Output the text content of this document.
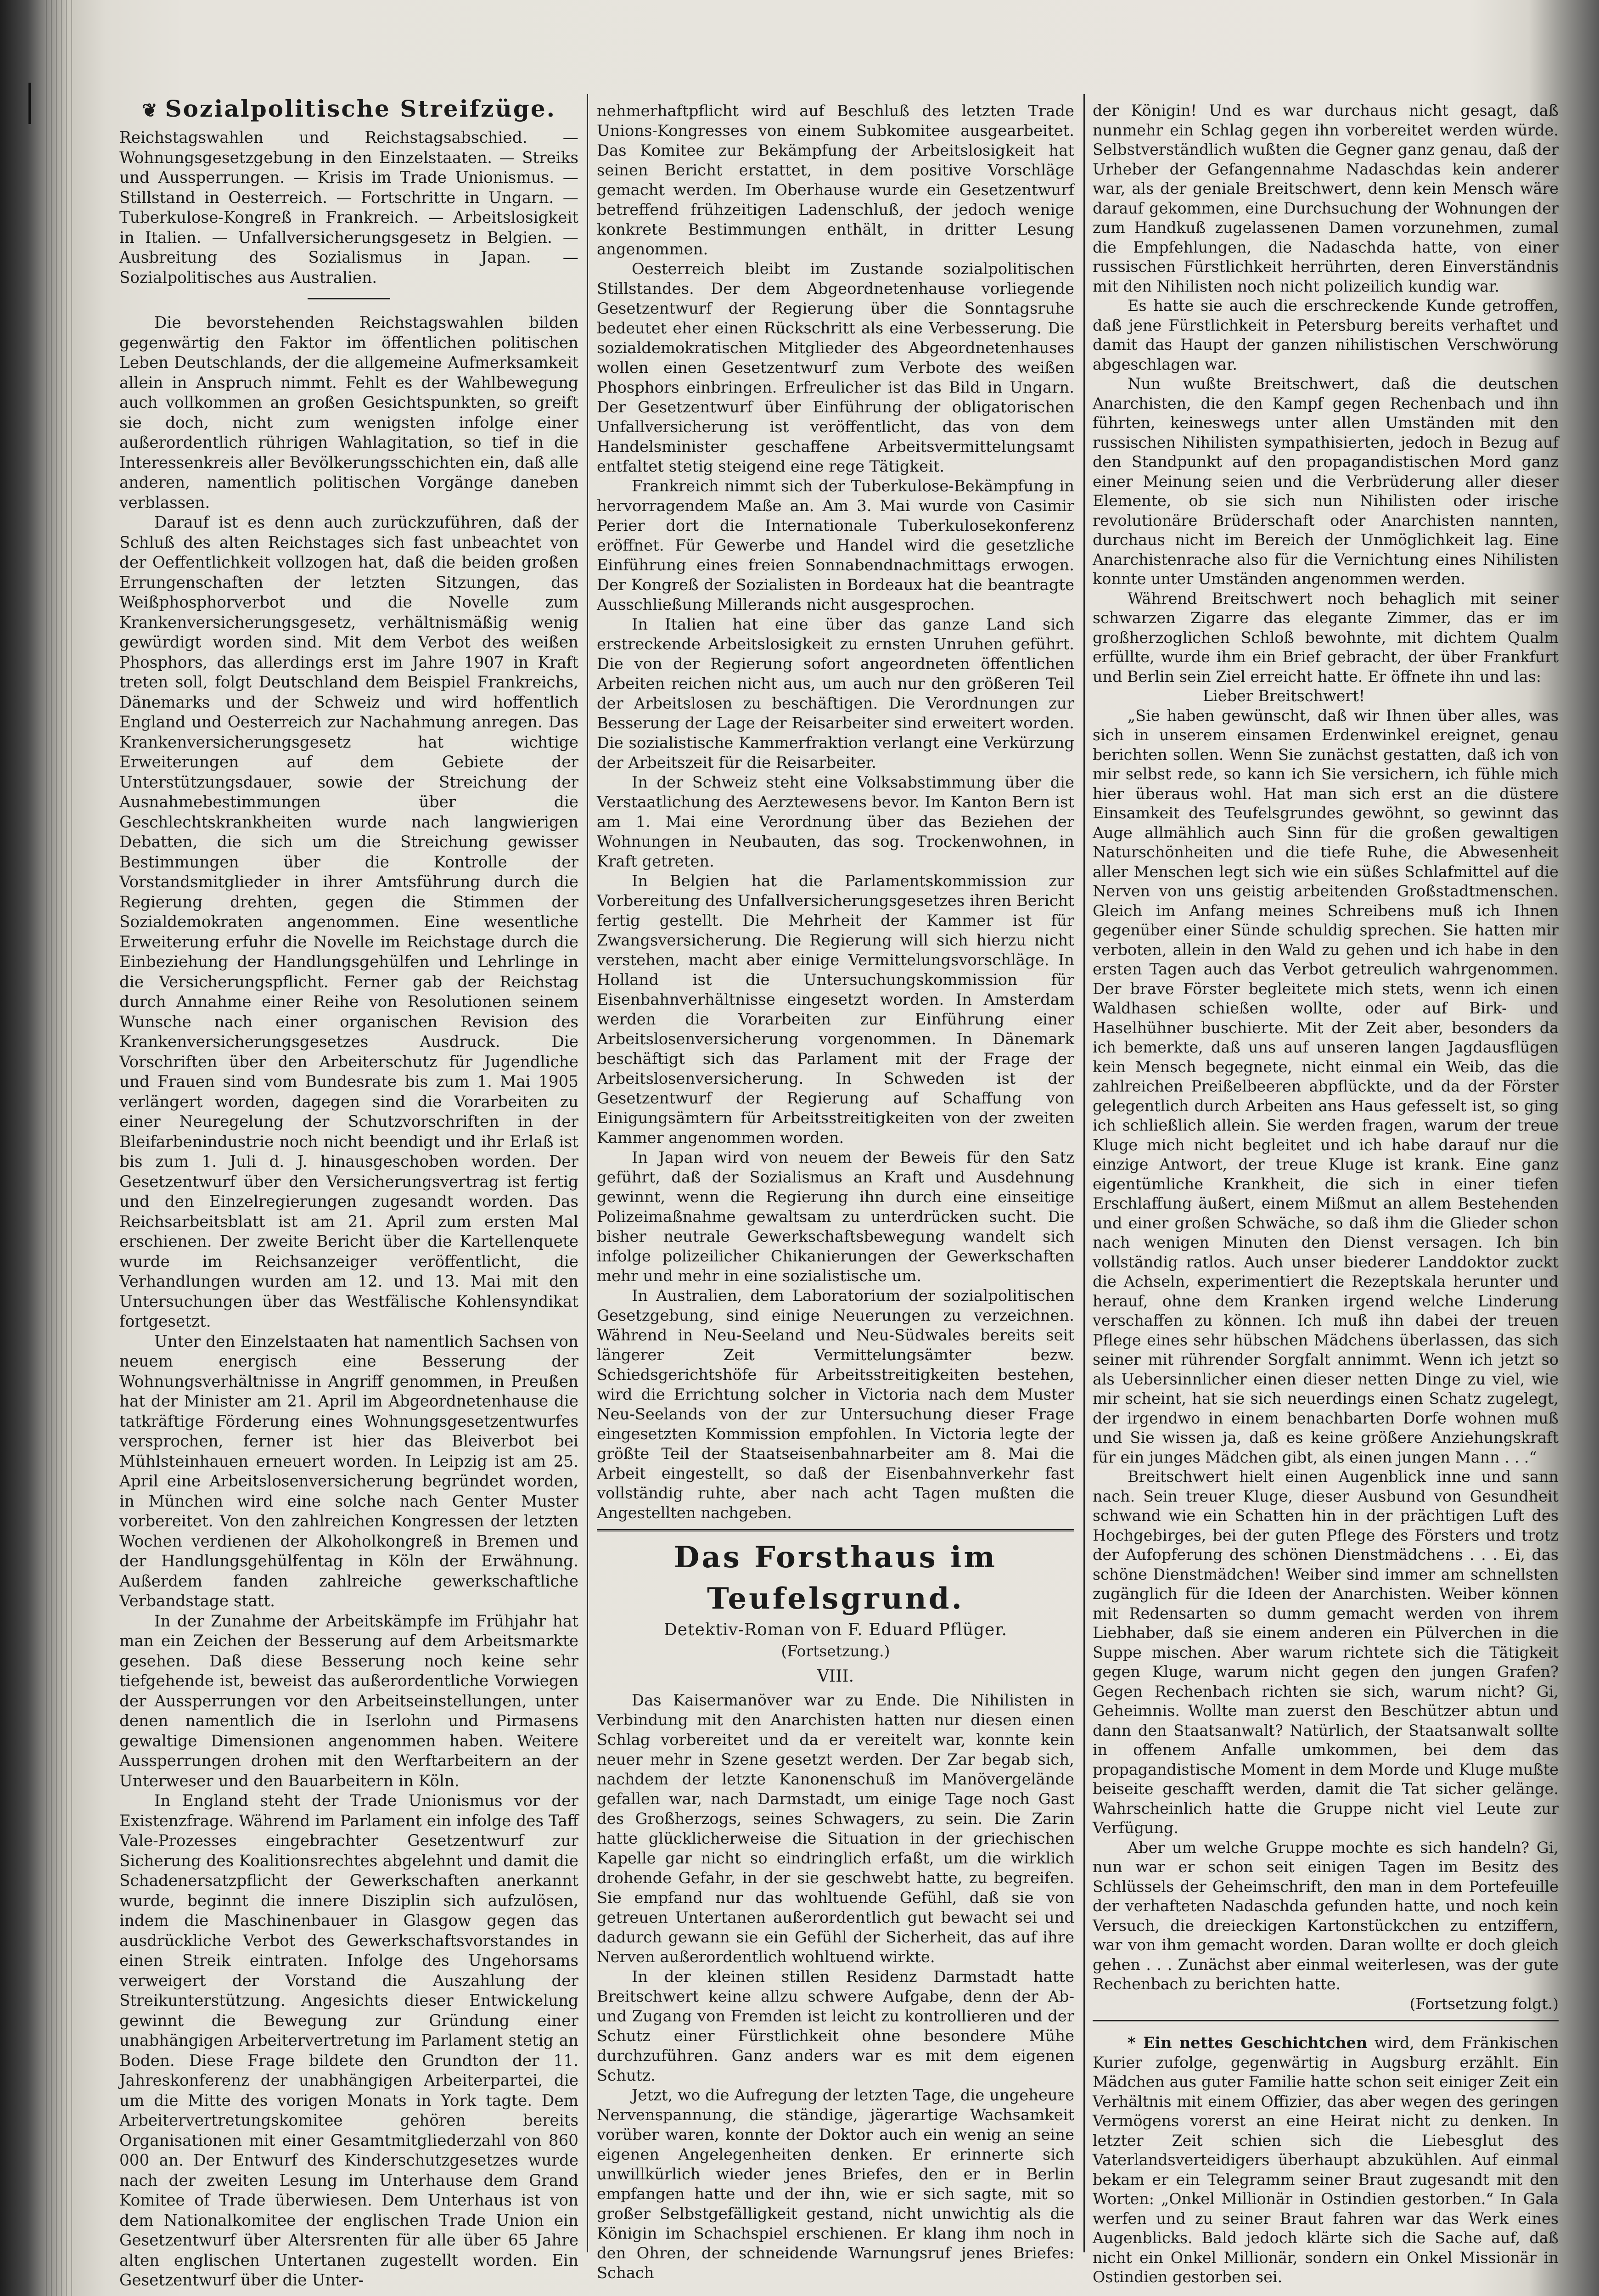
❦ Sozialpolitische Streifzüge.

Reichstagswahlen und Reichstagsabschied. — Wohnungsgesetzgebung in den Einzelstaaten. — Streiks und Aussperrungen. — Krisis im Trade Unionismus. — Stillstand in Oesterreich. — Fortschritte in Ungarn. — Tuberkulose-Kongreß in Frankreich. — Arbeitslosigkeit in Italien. — Unfallversicherungsgesetz in Belgien. — Ausbreitung des Sozialismus in Japan. — Sozialpolitisches aus Australien.

Die bevorstehenden Reichstagswahlen bilden gegenwärtig den Faktor im öffentlichen politischen Leben Deutschlands, der die allgemeine Aufmerksamkeit allein in Anspruch nimmt. Fehlt es der Wahlbewegung auch vollkommen an großen Gesichtspunkten, so greift sie doch, nicht zum wenigsten infolge einer außerordentlich rührigen Wahlagitation, so tief in die Interessenkreis aller Bevölkerungsschichten ein, daß alle anderen, namentlich politischen Vorgänge daneben verblassen.

Darauf ist es denn auch zurückzuführen, daß der Schluß des alten Reichstages sich fast unbeachtet von der Oeffentlichkeit vollzogen hat, daß die beiden großen Errungenschaften der letzten Sitzungen, das Weißphosphorverbot und die Novelle zum Krankenversicherungsgesetz, verhältnismäßig wenig gewürdigt worden sind. Mit dem Verbot des weißen Phosphors, das allerdings erst im Jahre 1907 in Kraft treten soll, folgt Deutschland dem Beispiel Frankreichs, Dänemarks und der Schweiz und wird hoffentlich England und Oesterreich zur Nachahmung anregen. Das Krankenversicherungsgesetz hat wichtige Erweiterungen auf dem Gebiete der Unterstützungsdauer, sowie der Streichung der Ausnahmebestimmungen über die Geschlechtskrankheiten wurde nach langwierigen Debatten, die sich um die Streichung gewisser Bestimmungen über die Kontrolle der Vorstandsmitglieder in ihrer Amtsführung durch die Regierung drehten, gegen die Stimmen der Sozialdemokraten angenommen. Eine wesentliche Erweiterung erfuhr die Novelle im Reichstage durch die Einbeziehung der Handlungsgehülfen und Lehrlinge in die Versicherungspflicht. Ferner gab der Reichstag durch Annahme einer Reihe von Resolutionen seinem Wunsche nach einer organischen Revision des Krankenversicherungsgesetzes Ausdruck. Die Vorschriften über den Arbeiterschutz für Jugendliche und Frauen sind vom Bundesrate bis zum 1. Mai 1905 verlängert worden, dagegen sind die Vorarbeiten zu einer Neuregelung der Schutzvorschriften in der Bleifarbenindustrie noch nicht beendigt und ihr Erlaß ist bis zum 1. Juli d. J. hinausgeschoben worden. Der Gesetzentwurf über den Versicherungsvertrag ist fertig und den Einzelregierungen zugesandt worden. Das Reichsarbeitsblatt ist am 21. April zum ersten Mal erschienen. Der zweite Bericht über die Kartellenquete wurde im Reichsanzeiger veröffentlicht, die Verhandlungen wurden am 12. und 13. Mai mit den Untersuchungen über das Westfälische Kohlensyndikat fortgesetzt.

Unter den Einzelstaaten hat namentlich Sachsen von neuem energisch eine Besserung der Wohnungsverhältnisse in Angriff genommen, in Preußen hat der Minister am 21. April im Abgeordnetenhause die tatkräftige Förderung eines Wohnungsgesetzentwurfes versprochen, ferner ist hier das Bleiverbot bei Mühlsteinhauen erneuert worden. In Leipzig ist am 25. April eine Arbeitslosenversicherung begründet worden, in München wird eine solche nach Genter Muster vorbereitet. Von den zahlreichen Kongressen der letzten Wochen verdienen der Alkoholkongreß in Bremen und der Handlungsgehülfentag in Köln der Erwähnung. Außerdem fanden zahlreiche gewerkschaftliche Verbandstage statt.

In der Zunahme der Arbeitskämpfe im Frühjahr hat man ein Zeichen der Besserung auf dem Arbeitsmarkte gesehen. Daß diese Besserung noch keine sehr tiefgehende ist, beweist das außerordentliche Vorwiegen der Aussperrungen vor den Arbeitseinstellungen, unter denen namentlich die in Iserlohn und Pirmasens gewaltige Dimensionen angenommen haben. Weitere Aussperrungen drohen mit den Werftarbeitern an der Unterweser und den Bauarbeitern in Köln.

In England steht der Trade Unionismus vor der Existenzfrage. Während im Parlament ein infolge des Taff Vale-Prozesses eingebrachter Gesetzentwurf zur Sicherung des Koalitionsrechtes abgelehnt und damit die Schadenersatzpflicht der Gewerkschaften anerkannt wurde, beginnt die innere Disziplin sich aufzulösen, indem die Maschinenbauer in Glasgow gegen das ausdrückliche Verbot des Gewerkschaftsvorstandes in einen Streik eintraten. Infolge des Ungehorsams verweigert der Vorstand die Auszahlung der Streikunterstützung. Angesichts dieser Entwickelung gewinnt die Bewegung zur Gründung einer unabhängigen Arbeitervertretung im Parlament stetig an Boden. Diese Frage bildete den Grundton der 11. Jahreskonferenz der unabhängigen Arbeiterpartei, die um die Mitte des vorigen Monats in York tagte. Dem Arbeitervertretungskomitee gehören bereits Organisationen mit einer Gesamtmitgliederzahl von 860 000 an. Der Entwurf des Kinderschutzgesetzes wurde nach der zweiten Lesung im Unterhause dem Grand Komitee of Trade überwiesen. Dem Unterhaus ist von dem Nationalkomitee der englischen Trade Union ein Gesetzentwurf über Altersrenten für alle über 65 Jahre alten englischen Untertanen zugestellt worden. Ein Gesetzentwurf über die Unter-

nehmerhaftpflicht wird auf Beschluß des letzten Trade Unions-Kongresses von einem Subkomitee ausgearbeitet. Das Komitee zur Bekämpfung der Arbeitslosigkeit hat seinen Bericht erstattet, in dem positive Vorschläge gemacht werden. Im Oberhause wurde ein Gesetzentwurf betreffend frühzeitigen Ladenschluß, der jedoch wenige konkrete Bestimmungen enthält, in dritter Lesung angenommen.

Oesterreich bleibt im Zustande sozialpolitischen Stillstandes. Der dem Abgeordnetenhause vorliegende Gesetzentwurf der Regierung über die Sonntagsruhe bedeutet eher einen Rückschritt als eine Verbesserung. Die sozialdemokratischen Mitglieder des Abgeordnetenhauses wollen einen Gesetzentwurf zum Verbote des weißen Phosphors einbringen. Erfreulicher ist das Bild in Ungarn. Der Gesetzentwurf über Einführung der obligatorischen Unfallversicherung ist veröffentlicht, das von dem Handelsminister geschaffene Arbeitsvermittelungsamt entfaltet stetig steigend eine rege Tätigkeit.

Frankreich nimmt sich der Tuberkulose-Bekämpfung in hervorragendem Maße an. Am 3. Mai wurde von Casimir Perier dort die Internationale Tuberkulosekonferenz eröffnet. Für Gewerbe und Handel wird die gesetzliche Einführung eines freien Sonnabendnachmittags erwogen. Der Kongreß der Sozialisten in Bordeaux hat die beantragte Ausschließung Millerands nicht ausgesprochen.

In Italien hat eine über das ganze Land sich erstreckende Arbeitslosigkeit zu ernsten Unruhen geführt. Die von der Regierung sofort angeordneten öffentlichen Arbeiten reichen nicht aus, um auch nur den größeren Teil der Arbeitslosen zu beschäftigen. Die Verordnungen zur Besserung der Lage der Reisarbeiter sind erweitert worden. Die sozialistische Kammerfraktion verlangt eine Verkürzung der Arbeitszeit für die Reisarbeiter.

In der Schweiz steht eine Volksabstimmung über die Verstaatlichung des Aerztewesens bevor. Im Kanton Bern ist am 1. Mai eine Verordnung über das Beziehen der Wohnungen in Neubauten, das sog. Trockenwohnen, in Kraft getreten.

In Belgien hat die Parlamentskommission zur Vorbereitung des Unfallversicherungsgesetzes ihren Bericht fertig gestellt. Die Mehrheit der Kammer ist für Zwangsversicherung. Die Regierung will sich hierzu nicht verstehen, macht aber einige Vermittelungsvorschläge. In Holland ist die Untersuchungskommission für Eisenbahnverhältnisse eingesetzt worden. In Amsterdam werden die Vorarbeiten zur Einführung einer Arbeitslosenversicherung vorgenommen. In Dänemark beschäftigt sich das Parlament mit der Frage der Arbeitslosenversicherung. In Schweden ist der Gesetzentwurf der Regierung auf Schaffung von Einigungsämtern für Arbeitsstreitigkeiten von der zweiten Kammer angenommen worden.

In Japan wird von neuem der Beweis für den Satz geführt, daß der Sozialismus an Kraft und Ausdehnung gewinnt, wenn die Regierung ihn durch eine einseitige Polizeimaßnahme gewaltsam zu unterdrücken sucht. Die bisher neutrale Gewerkschaftsbewegung wandelt sich infolge polizeilicher Chikanierungen der Gewerkschaften mehr und mehr in eine sozialistische um.

In Australien, dem Laboratorium der sozialpolitischen Gesetzgebung, sind einige Neuerungen zu verzeichnen. Während in Neu-Seeland und Neu-Südwales bereits seit längerer Zeit Vermittelungsämter bezw. Schiedsgerichtshöfe für Arbeitsstreitigkeiten bestehen, wird die Errichtung solcher in Victoria nach dem Muster Neu-Seelands von der zur Untersuchung dieser Frage eingesetzten Kommission empfohlen. In Victoria legte der größte Teil der Staatseisenbahnarbeiter am 8. Mai die Arbeit eingestellt, so daß der Eisenbahnverkehr fast vollständig ruhte, aber nach acht Tagen mußten die Angestellten nachgeben.

Das Forsthaus im Teufelsgrund.

Detektiv-Roman von F. Eduard Pflüger.

(Fortsetzung.)

VIII.

Das Kaisermanöver war zu Ende. Die Nihilisten in Verbindung mit den Anarchisten hatten nur diesen einen Schlag vorbereitet und da er vereitelt war, konnte kein neuer mehr in Szene gesetzt werden. Der Zar begab sich, nachdem der letzte Kanonenschuß im Manövergelände gefallen war, nach Darmstadt, um einige Tage noch Gast des Großherzogs, seines Schwagers, zu sein. Die Zarin hatte glücklicherweise die Situation in der griechischen Kapelle gar nicht so eindringlich erfaßt, um die wirklich drohende Gefahr, in der sie geschwebt hatte, zu begreifen. Sie empfand nur das wohltuende Gefühl, daß sie von getreuen Untertanen außerordentlich gut bewacht sei und dadurch gewann sie ein Gefühl der Sicherheit, das auf ihre Nerven außerordentlich wohltuend wirkte.

In der kleinen stillen Residenz Darmstadt hatte Breitschwert keine allzu schwere Aufgabe, denn der Ab- und Zugang von Fremden ist leicht zu kontrollieren und der Schutz einer Fürstlichkeit ohne besondere Mühe durchzuführen. Ganz anders war es mit dem eigenen Schutz.

Jetzt, wo die Aufregung der letzten Tage, die ungeheure Nervenspannung, die ständige, jägerartige Wachsamkeit vorüber waren, konnte der Doktor auch ein wenig an seine eigenen Angelegenheiten denken. Er erinnerte sich unwillkürlich wieder jenes Briefes, den er in Berlin empfangen hatte und der ihn, wie er sich sagte, mit so großer Selbstgefälligkeit gestand, nicht unwichtig als die Königin im Schachspiel erschienen. Er klang ihm noch in den Ohren, der schneidende Warnungsruf jenes Briefes: Schach

der Königin! Und es war durchaus nicht gesagt, daß nunmehr ein Schlag gegen ihn vorbereitet werden würde. Selbstverständlich wußten die Gegner ganz genau, daß der Urheber der Gefangennahme Nadaschdas kein anderer war, als der geniale Breitschwert, denn kein Mensch wäre darauf gekommen, eine Durchsuchung der Wohnungen der zum Handkuß zugelassenen Damen vorzunehmen, zumal die Empfehlungen, die Nadaschda hatte, von einer russischen Fürstlichkeit herrührten, deren Einverständnis mit den Nihilisten noch nicht polizeilich kundig war.

Es hatte sie auch die erschreckende Kunde getroffen, daß jene Fürstlichkeit in Petersburg bereits verhaftet und damit das Haupt der ganzen nihilistischen Verschwörung abgeschlagen war.

Nun wußte Breitschwert, daß die deutschen Anarchisten, die den Kampf gegen Rechenbach und ihn führten, keineswegs unter allen Umständen mit den russischen Nihilisten sympathisierten, jedoch in Bezug auf den Standpunkt auf den propagandistischen Mord ganz einer Meinung seien und die Verbrüderung aller dieser Elemente, ob sie sich nun Nihilisten oder irische revolutionäre Brüderschaft oder Anarchisten nannten, durchaus nicht im Bereich der Unmöglichkeit lag. Eine Anarchistenrache also für die Vernichtung eines Nihilisten konnte unter Umständen angenommen werden.

Während Breitschwert noch behaglich mit seiner schwarzen Zigarre das elegante Zimmer, das er im großherzoglichen Schloß bewohnte, mit dichtem Qualm erfüllte, wurde ihm ein Brief gebracht, der über Frankfurt und Berlin sein Ziel erreicht hatte. Er öffnete ihn und las:

Lieber Breitschwert!

„Sie haben gewünscht, daß wir Ihnen über alles, was sich in unserem einsamen Erdenwinkel ereignet, genau berichten sollen. Wenn Sie zunächst gestatten, daß ich von mir selbst rede, so kann ich Sie versichern, ich fühle mich hier überaus wohl. Hat man sich erst an die düstere Einsamkeit des Teufelsgrundes gewöhnt, so gewinnt das Auge allmählich auch Sinn für die großen gewaltigen Naturschönheiten und die tiefe Ruhe, die Abwesenheit aller Menschen legt sich wie ein süßes Schlafmittel auf die Nerven von uns geistig arbeitenden Großstadtmenschen. Gleich im Anfang meines Schreibens muß ich Ihnen gegenüber einer Sünde schuldig sprechen. Sie hatten mir verboten, allein in den Wald zu gehen und ich habe in den ersten Tagen auch das Verbot getreulich wahrgenommen. Der brave Förster begleitete mich stets, wenn ich einen Waldhasen schießen wollte, oder auf Birk- und Haselhühner buschierte. Mit der Zeit aber, besonders da ich bemerkte, daß uns auf unseren langen Jagdausflügen kein Mensch begegnete, nicht einmal ein Weib, das die zahlreichen Preißelbeeren abpflückte, und da der Förster gelegentlich durch Arbeiten ans Haus gefesselt ist, so ging ich schließlich allein. Sie werden fragen, warum der treue Kluge mich nicht begleitet und ich habe darauf nur die einzige Antwort, der treue Kluge ist krank. Eine ganz eigentümliche Krankheit, die sich in einer tiefen Erschlaffung äußert, einem Mißmut an allem Bestehenden und einer großen Schwäche, so daß ihm die Glieder schon nach wenigen Minuten den Dienst versagen. Ich bin vollständig ratlos. Auch unser biederer Landdoktor zuckt die Achseln, experimentiert die Rezeptskala herunter und herauf, ohne dem Kranken irgend welche Linderung verschaffen zu können. Ich muß ihn dabei der treuen Pflege eines sehr hübschen Mädchens überlassen, das sich seiner mit rührender Sorgfalt annimmt. Wenn ich jetzt so als Uebersinnlicher einen dieser netten Dinge zu viel, wie mir scheint, hat sie sich neuerdings einen Schatz zugelegt, der irgendwo in einem benachbarten Dorfe wohnen muß und Sie wissen ja, daß es keine größere Anziehungskraft für ein junges Mädchen gibt, als einen jungen Mann . . .“

Breitschwert hielt einen Augenblick inne und sann nach. Sein treuer Kluge, dieser Ausbund von Gesundheit schwand wie ein Schatten hin in der prächtigen Luft des Hochgebirges, bei der guten Pflege des Försters und trotz der Aufopferung des schönen Dienstmädchens . . . Ei, das schöne Dienstmädchen! Weiber sind immer am schnellsten zugänglich für die Ideen der Anarchisten. Weiber können mit Redensarten so dumm gemacht werden von ihrem Liebhaber, daß sie einem anderen ein Pülverchen in die Suppe mischen. Aber warum richtete sich die Tätigkeit gegen Kluge, warum nicht gegen den jungen Grafen? Gegen Rechenbach richten sie sich, warum nicht? Gi, Geheimnis. Wollte man zuerst den Beschützer abtun und dann den Staatsanwalt? Natürlich, der Staatsanwalt sollte in offenem Anfalle umkommen, bei dem das propagandistische Moment in dem Morde und Kluge mußte beiseite geschafft werden, damit die Tat sicher gelänge. Wahrscheinlich hatte die Gruppe nicht viel Leute zur Verfügung.

Aber um welche Gruppe mochte es sich handeln? Gi, nun war er schon seit einigen Tagen im Besitz des Schlüssels der Geheimschrift, den man in dem Portefeuille der verhafteten Nadaschda gefunden hatte, und noch kein Versuch, die dreieckigen Kartonstückchen zu entziffern, war von ihm gemacht worden. Daran wollte er doch gleich gehen . . . Zunächst aber einmal weiterlesen, was der gute Rechenbach zu berichten hatte.

(Fortsetzung folgt.)

* Ein nettes Geschichtchen wird, dem Fränkischen Kurier zufolge, gegenwärtig in Augsburg erzählt. Ein Mädchen aus guter Familie hatte schon seit einiger Zeit ein Verhältnis mit einem Offizier, das aber wegen des geringen Vermögens vorerst an eine Heirat nicht zu denken. In letzter Zeit schien sich die Liebesglut des Vaterlandsverteidigers überhaupt abzukühlen. Auf einmal bekam er ein Telegramm seiner Braut zugesandt mit den Worten: „Onkel Millionär in Ostindien gestorben.“ In Gala werfen und zu seiner Braut fahren war das Werk eines Augenblicks. Bald jedoch klärte sich die Sache auf, daß nicht ein Onkel Millionär, sondern ein Onkel Missionär in Ostindien gestorben sei.
